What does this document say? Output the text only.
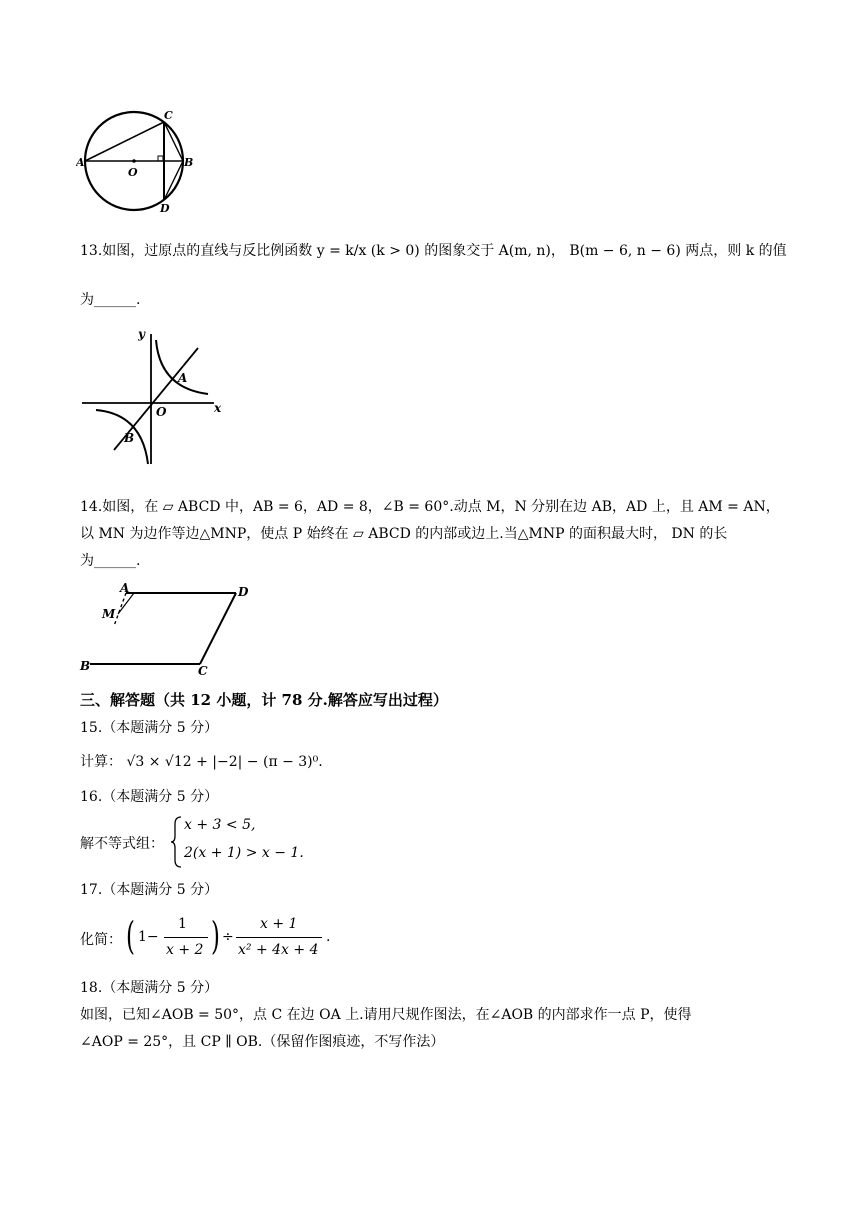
A
O
B
C
D
13.如图，过原点的直线与反比例函数 y = k/x (k > 0) 的图象交于 A(m, n)， B(m − 6, n − 6) 两点，则 k 的值
为______.
y
x
O
A
B
14.如图，在 ▱ ABCD 中，AB = 6，AD = 8，∠B = 60°.动点 M，N 分别在边 AB，AD 上，且 AM = AN，
以 MN 为边作等边△MNP，使点 P 始终在 ▱ ABCD 的内部或边上.当△MNP 的面积最大时， DN 的长
为______.
A	D
B	C
M
三、解答题（共 12 小题，计 78 分.解答应写出过程）
15.（本题满分 5 分）
计算： √3 × √12 + |−2| − (π − 3)⁰.
16.（本题满分 5 分）
解不等式组：
x + 3 < 5,
2(x + 1) > x − 1.
17.（本题满分 5 分）
化简： ( 1−
1
x + 2 ) ÷
x + 1
x² + 4x + 4
.
18.（本题满分 5 分）
如图，已知∠AOB = 50°，点 C 在边 OA 上.请用尺规作图法，在∠AOB 的内部求作一点 P，使得
∠AOP = 25°，且 CP ∥ OB.（保留作图痕迹，不写作法）
